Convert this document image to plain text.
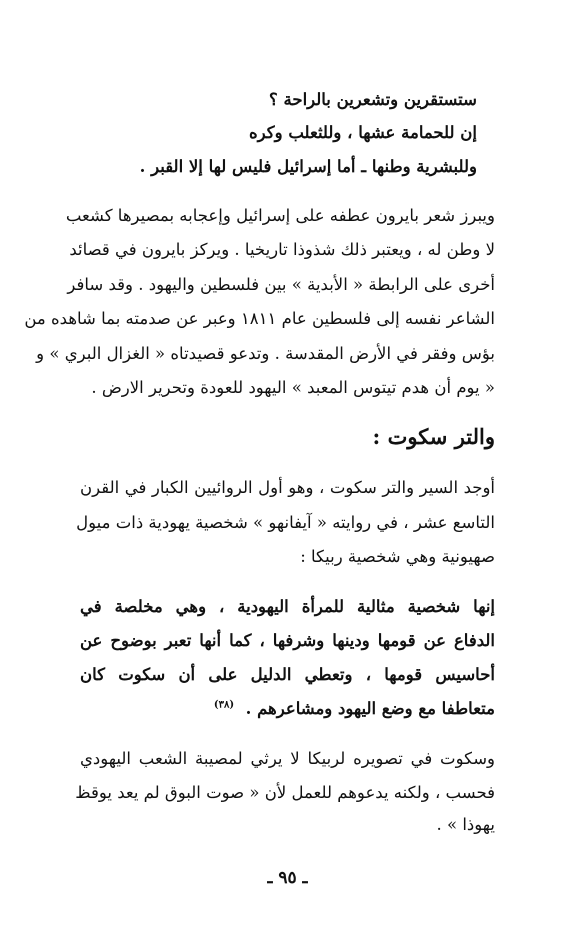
ستستقرين وتشعرين بالراحة ؟
إن للحمامة عشها ، وللثعلب وكره
وللبشرية وطنها ـ أما إسرائيل فليس لها إلا القبر .
ويبرز شعر بايرون عطفه على إسرائيل وإعجابه بمصيرها كشعب
لا وطن له ، ويعتبر ذلك شذوذا تاريخيا . ويركز بايرون في قصائد
أخرى على الرابطة « الأبدية » بين فلسطين واليهود . وقد سافر
الشاعر نفسه إلى فلسطين عام ١٨١١ وعبر عن صدمته بما شاهده من
بؤس وفقر في الأرض المقدسة . وتدعو قصيدتاه « الغزال البري » و
« يوم أن هدم تيتوس المعبد » اليهود للعودة وتحرير الارض .
والتر سكوت :
أوجد السير والتر سكوت ، وهو أول الروائيين الكبار في القرن
التاسع عشر ، في روايته « آيفانهو » شخصية يهودية ذات ميول
صهيونية وهي شخصية ربيكا :
إنها شخصية مثالية للمرأة اليهودية ، وهي مخلصة في
الدفاع عن قومها ودينها وشرفها ، كما أنها تعبر بوضوح عن
أحاسيس قومها ، وتعطي الدليل على أن سكوت كان
متعاطفا مع وضع اليهود ومشاعرهم .  $^{(٣٨)}$
وسكوت في تصويره لربيكا لا يرثي لمصيبة الشعب اليهودي
فحسب ، ولكنه يدعوهم للعمل لأن « صوت البوق لم يعد يوقظ
يهوذا » .
ـ ٩٥ ـ
